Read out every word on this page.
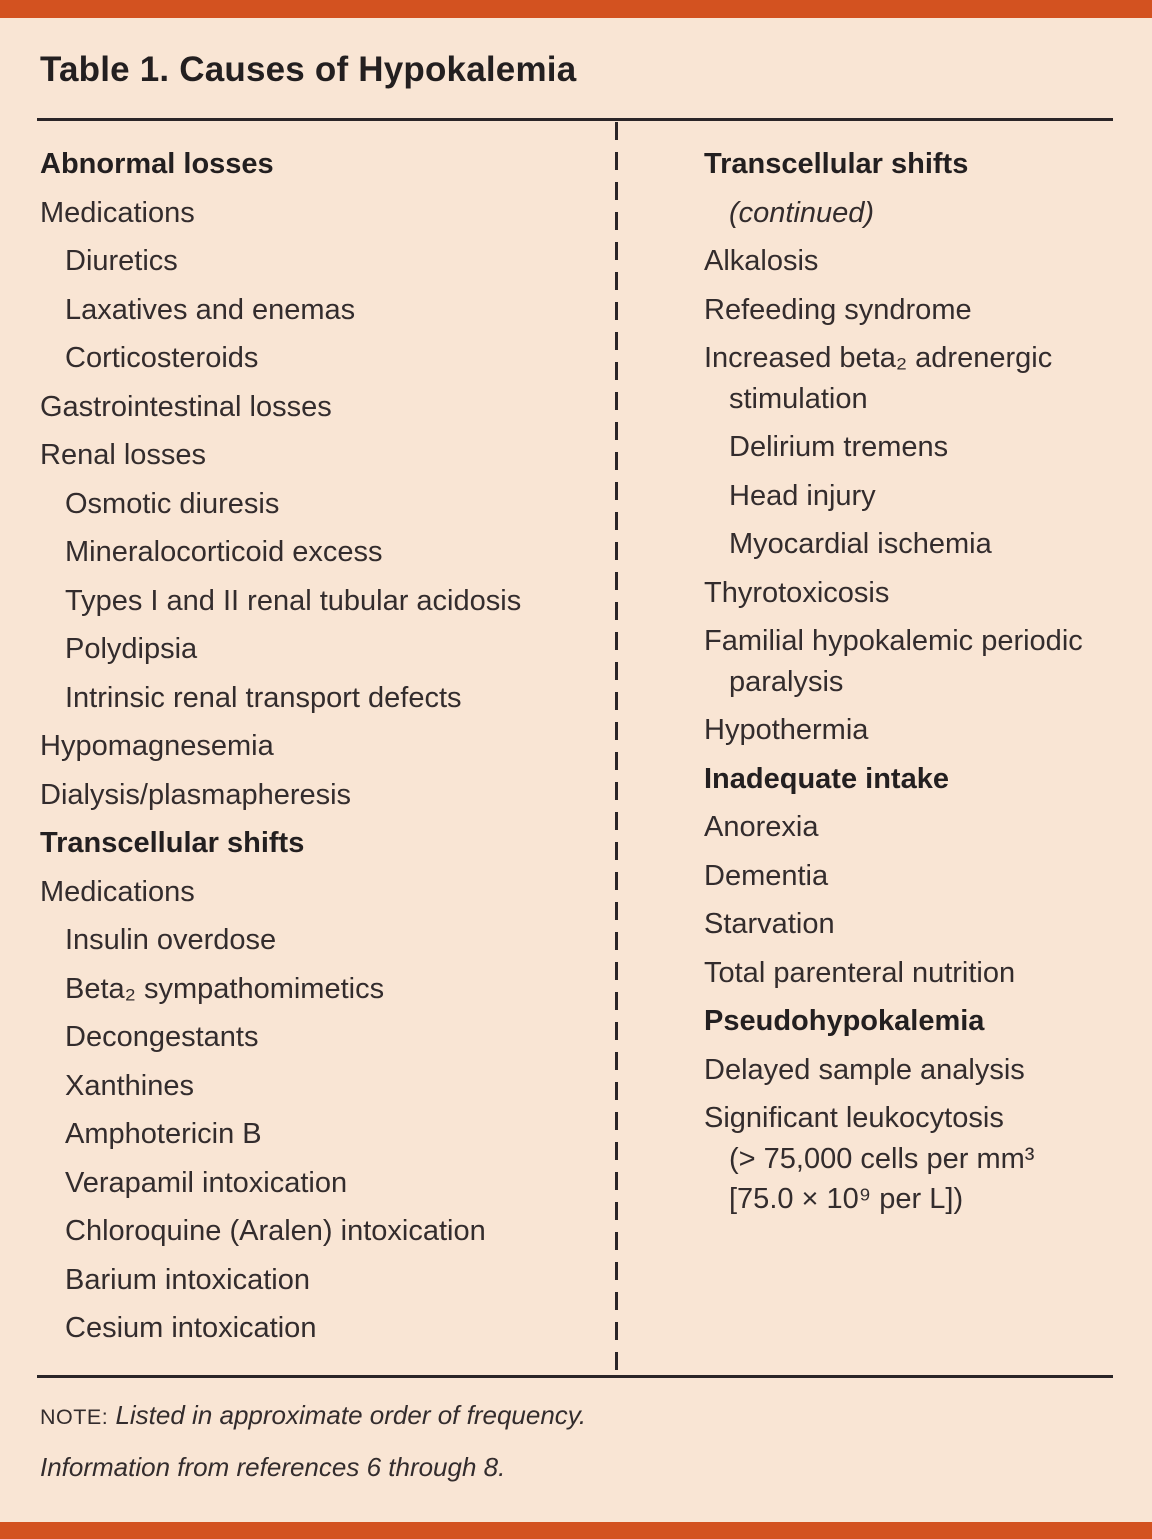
Table 1. Causes of Hypokalemia
Abnormal losses
Medications
Diuretics
Laxatives and enemas
Corticosteroids
Gastrointestinal losses
Renal losses
Osmotic diuresis
Mineralocorticoid excess
Types I and II renal tubular acidosis
Polydipsia
Intrinsic renal transport defects
Hypomagnesemia
Dialysis/plasmapheresis
Transcellular shifts
Medications
Insulin overdose
Beta₂ sympathomimetics
Decongestants
Xanthines
Amphotericin B
Verapamil intoxication
Chloroquine (Aralen) intoxication
Barium intoxication
Cesium intoxication
Transcellular shifts
(continued)
Alkalosis
Refeeding syndrome
Increased beta₂ adrenergic
stimulation
Delirium tremens
Head injury
Myocardial ischemia
Thyrotoxicosis
Familial hypokalemic periodic
paralysis
Hypothermia
Inadequate intake
Anorexia
Dementia
Starvation
Total parenteral nutrition
Pseudohypokalemia
Delayed sample analysis
Significant leukocytosis
(> 75,000 cells per mm³
[75.0 × 10⁹ per L])
NOTE: Listed in approximate order of frequency.
Information from references 6 through 8.
